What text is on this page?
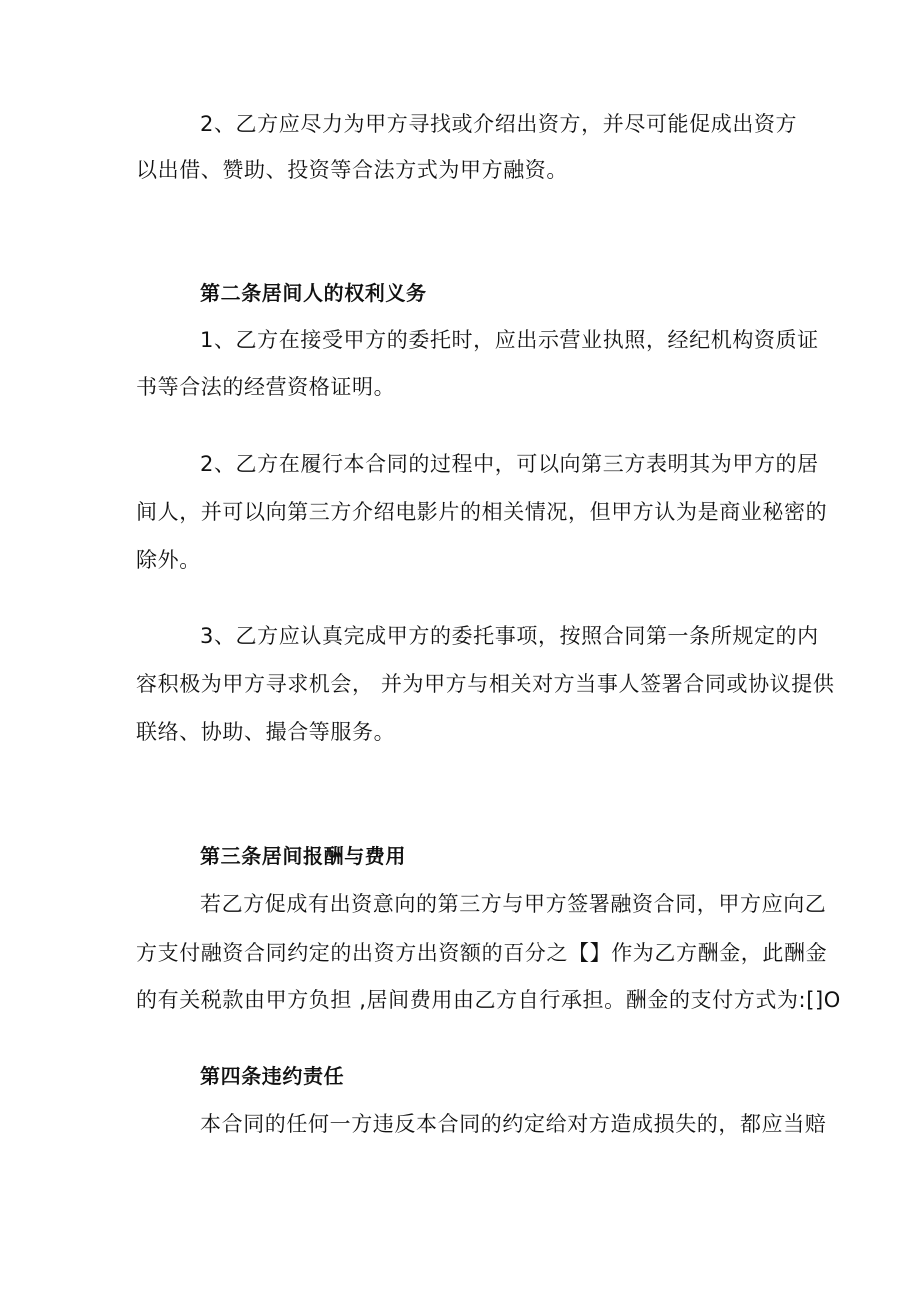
2、乙方应尽力为甲方寻找或介绍出资方，并尽可能促成出资方
以出借、赞助、投资等合法方式为甲方融资。
第二条居间人的权利义务
1、乙方在接受甲方的委托时，应出示营业执照，经纪机构资质证
书等合法的经营资格证明。
2、乙方在履行本合同的过程中，可以向第三方表明其为甲方的居
间人，并可以向第三方介绍电影片的相关情况，但甲方认为是商业秘密的
除外。
3、乙方应认真完成甲方的委托事项，按照合同第一条所规定的内
容积极为甲方寻求机会， 并为甲方与相关对方当事人签署合同或协议提供
联络、协助、撮合等服务。
第三条居间报酬与费用
若乙方促成有出资意向的第三方与甲方签署融资合同，甲方应向乙
方支付融资合同约定的出资方出资额的百分之【】作为乙方酬金，此酬金
的有关税款由甲方负担 ,居间费用由乙方自行承担。酬金的支付方式为:[]O
第四条违约责任
本合同的任何一方违反本合同的约定给对方造成损失的，都应当赔
